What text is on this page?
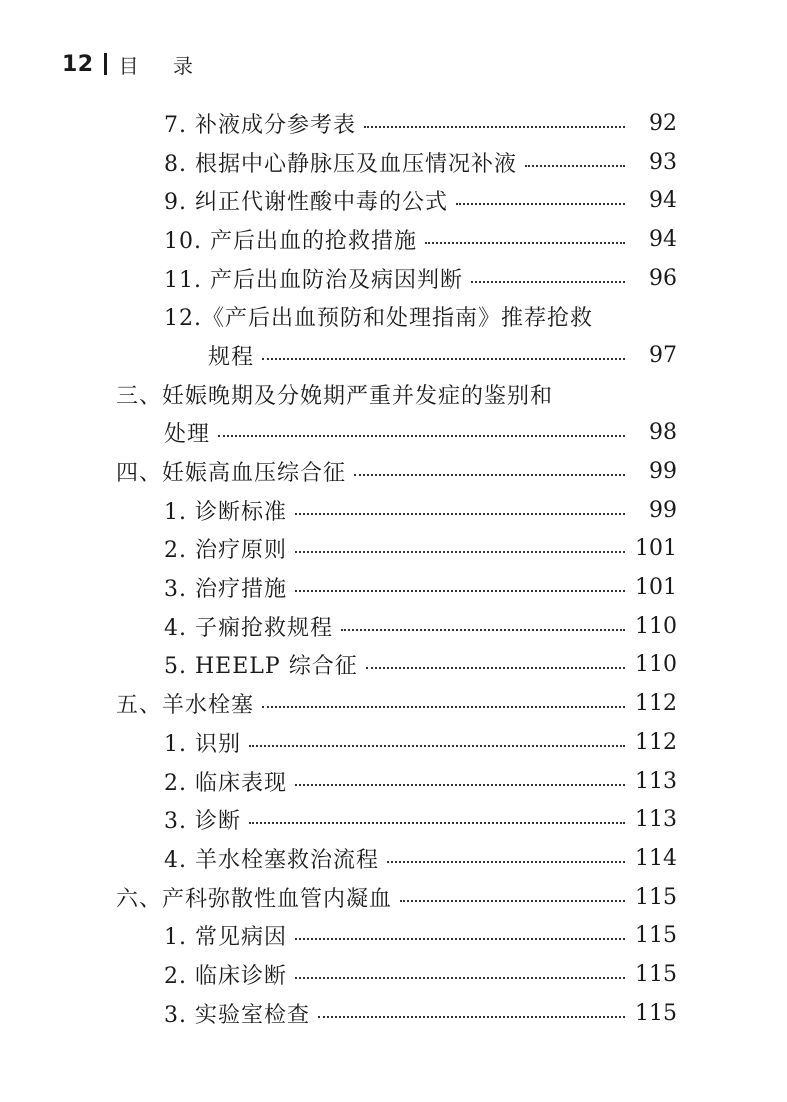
12 目 录
7. 补液成分参考表	92
8. 根据中心静脉压及血压情况补液	93
9. 纠正代谢性酸中毒的公式	94
10. 产后出血的抢救措施	94
11. 产后出血防治及病因判断	96
12.《产后出血预防和处理指南》推荐抢救
规程	97
三、妊娠晚期及分娩期严重并发症的鉴别和
处理	98
四、妊娠高血压综合征	99
1. 诊断标准	99
2. 治疗原则	101
3. 治疗措施	101
4. 子痫抢救规程	110
5. HEELP 综合征	110
五、羊水栓塞	112
1. 识别	112
2. 临床表现	113
3. 诊断	113
4. 羊水栓塞救治流程	114
六、产科弥散性血管内凝血	115
1. 常见病因	115
2. 临床诊断	115
3. 实验室检查	115
